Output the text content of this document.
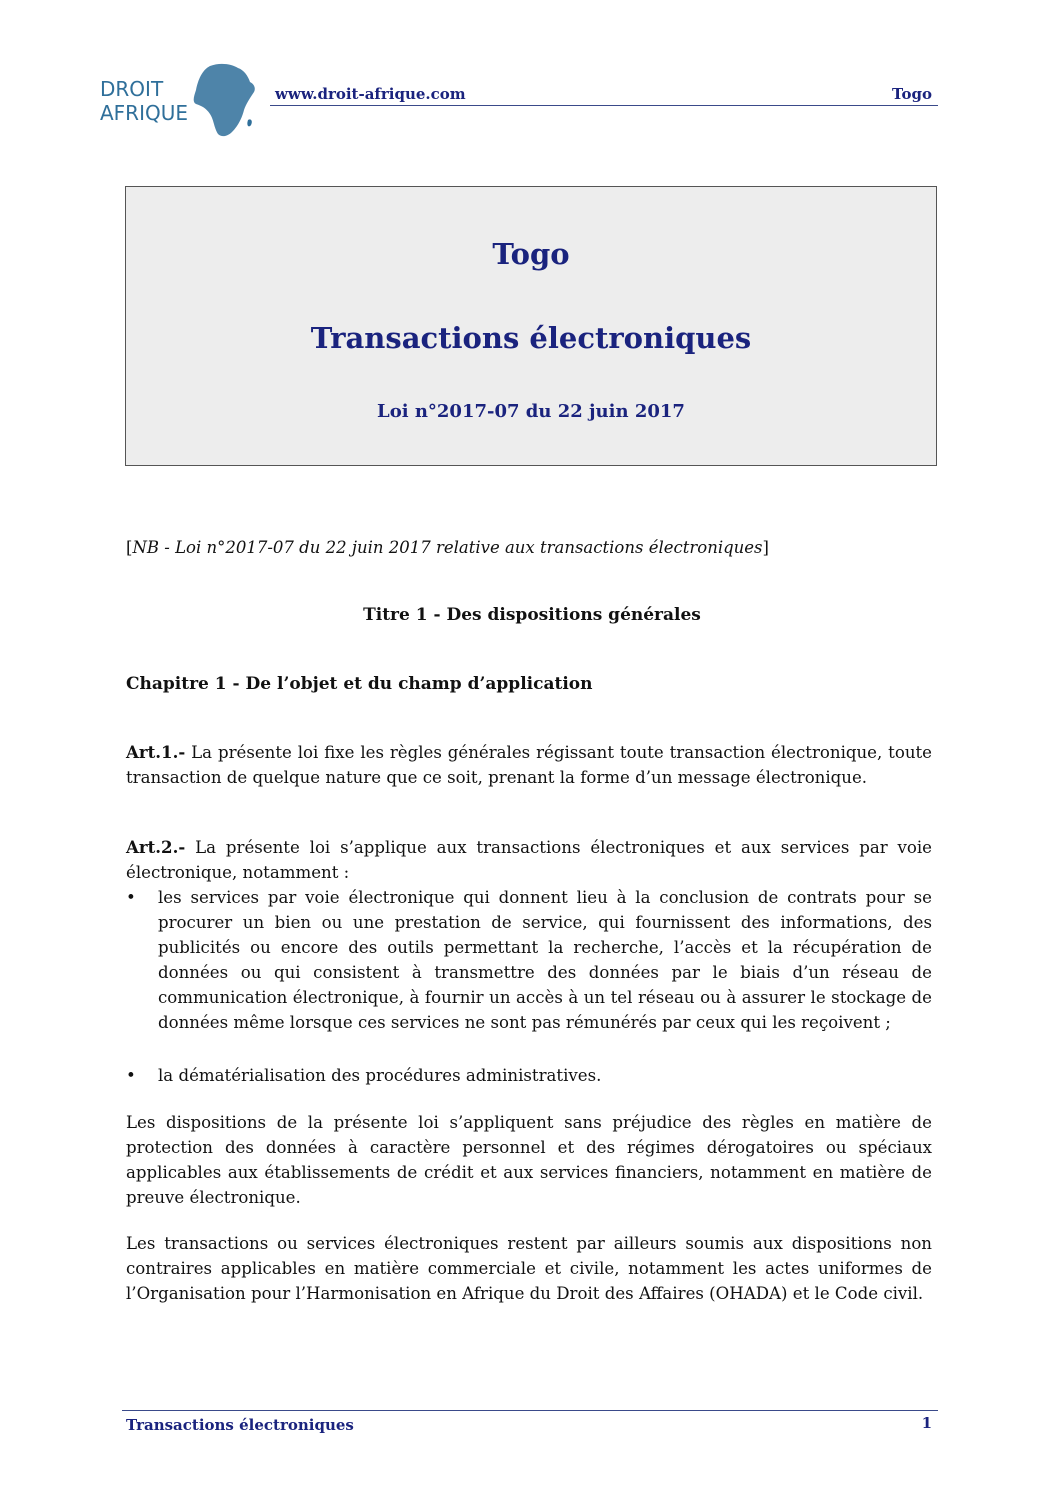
DROIT
AFRIQUE
www.droit-afrique.com	Togo
Togo
Transactions électroniques
Loi n°2017-07 du 22 juin 2017
[NB - Loi n°2017-07 du 22 juin 2017 relative aux transactions électroniques]
Titre 1 - Des dispositions générales
Chapitre 1 - De l’objet et du champ d’application
Art.1.- La présente loi fixe les règles générales régissant toute transaction électronique, toute transaction de quelque nature que ce soit, prenant la forme d’un message électronique.
Art.2.- La présente loi s’applique aux transactions électroniques et aux services par voie électronique, notamment :
• les services par voie électronique qui donnent lieu à la conclusion de contrats pour se procurer un bien ou une prestation de service, qui fournissent des informations, des publicités ou encore des outils permettant la recherche, l’accès et la récupération de données ou qui consistent à transmettre des données par le biais d’un réseau de communication électronique, à fournir un accès à un tel réseau ou à assurer le stockage de données même lorsque ces services ne sont pas rémunérés par ceux qui les reçoivent ;
• la dématérialisation des procédures administratives.
Les dispositions de la présente loi s’appliquent sans préjudice des règles en matière de protection des données à caractère personnel et des régimes dérogatoires ou spéciaux applicables aux établissements de crédit et aux services financiers, notamment en matière de preuve électronique.
Les transactions ou services électroniques restent par ailleurs soumis aux dispositions non contraires applicables en matière commerciale et civile, notamment les actes uniformes de l’Organisation pour l’Harmonisation en Afrique du Droit des Affaires (OHADA) et le Code civil.
Transactions électroniques	1
